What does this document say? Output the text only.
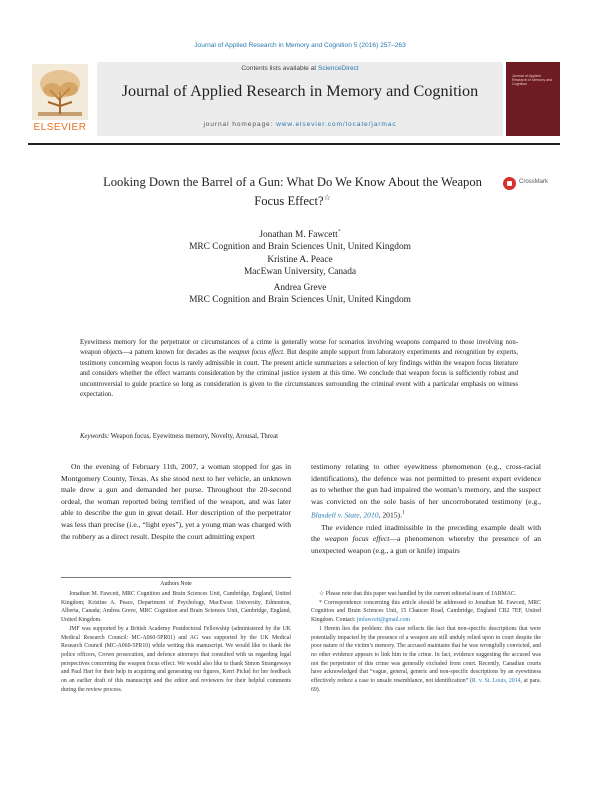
Journal of Applied Research in Memory and Cognition 5 (2016) 257–263
ELSEVIER
Contents lists available at ScienceDirect
Journal of Applied Research in Memory and Cognition
journal homepage: www.elsevier.com/locate/jarmac
Journal of Applied Research in Memory and Cognition
Looking Down the Barrel of a Gun: What Do We Know About the Weapon Focus Effect?☆
CrossMark
Jonathan M. Fawcett*
MRC Cognition and Brain Sciences Unit, United Kingdom
Kristine A. Peace
MacEwan University, Canada
Andrea Greve
MRC Cognition and Brain Sciences Unit, United Kingdom
Eyewitness memory for the perpetrator or circumstances of a crime is generally worse for scenarios involving weapons compared to those involving non-weapon objects—a pattern known for decades as the weapon focus effect. But despite ample support from laboratory experiments and recognition by experts, testimony concerning weapon focus is rarely admissible in court. The present article summarizes a selection of key findings within the weapon focus literature and considers whether the effect warrants consideration by the criminal justice system at this time. We conclude that weapon focus is sufficiently robust and uncontroversial to guide practice so long as consideration is given to the circumstances surrounding the criminal event with a particular emphasis on witness expectation.
Keywords: Weapon focus, Eyewitness memory, Novelty, Arousal, Threat
On the evening of February 11th, 2007, a woman stopped for gas in Montgomery County, Texas. As she stood next to her vehicle, an unknown male drew a gun and demanded her purse. Throughout the 20-second ordeal, the woman reported being terrified of the weapon, and was later able to describe the gun in great detail. Her description of the perpetrator was less than precise (i.e., “light eyes”), yet a young man was charged with the robbery as a direct result. Despite the court admitting expert
testimony relating to other eyewitness phenomenon (e.g., cross-racial identifications), the defence was not permitted to present expert evidence as to whether the gun had impaired the woman’s memory, and the suspect was convicted on the sole basis of her uncorroborated testimony (e.g., Blasdell v. State, 2010, 2015).$^1$
The evidence ruled inadmissible in the preceding example dealt with the weapon focus effect—a phenomenon whereby the presence of an unexpected weapon (e.g., a gun or knife) impairs
Authors Note

Jonathan M. Fawcett, MRC Cognition and Brain Sciences Unit, Cambridge, England, United Kingdom; Kristine A. Peace, Department of Psychology, MacEwan University, Edmonton, Alberta, Canada; Andrea Greve, MRC Cognition and Brain Sciences Unit, Cambridge, England, United Kingdom.

JMF was supported by a British Academy Postdoctoral Fellowship (administered by the UK Medical Research Council: MC-A060-5PR01) and AG was supported by the UK Medical Research Council (MC-A060-5PR10) while writing this manuscript. We would like to thank the police officers, Crown prosecution, and defence attorneys that consulted with us regarding legal perspectives concerning the weapon focus effect. We would also like to thank Simon Strangeways and Paul Hart for their help in acquiring and generating our figures, Kerri Pickel for her feedback on an earlier draft of this manuscript and the editor and reviewers for their helpful comments during the review process.

☆ Please note that this paper was handled by the current editorial team of JARMAC.

* Correspondence concerning this article should be addressed to Jonathan M. Fawcett, MRC Cognition and Brain Sciences Unit, 15 Chaucer Road, Cambridge, England CB2 7EF, United Kingdom. Contact: jmfawcett@gmail.com

1 Herein lies the problem: this case reflects the fact that non-specific descriptions that were potentially impacted by the presence of a weapon are still unduly relied upon in court despite the poor nature of the victim’s memory. The accused maintains that he was wrongfully convicted, and no other evidence appears to link him to the crime. In fact, evidence suggesting the accused was not the perpetrator of this crime was generally excluded from court. Recently, Canadian courts have acknowledged that “vague, general, generic and non-specific descriptions by an eyewitness effectively reduce a case to unsafe resemblance, not identification” (R. v. St. Louis, 2014, at para. 69).
